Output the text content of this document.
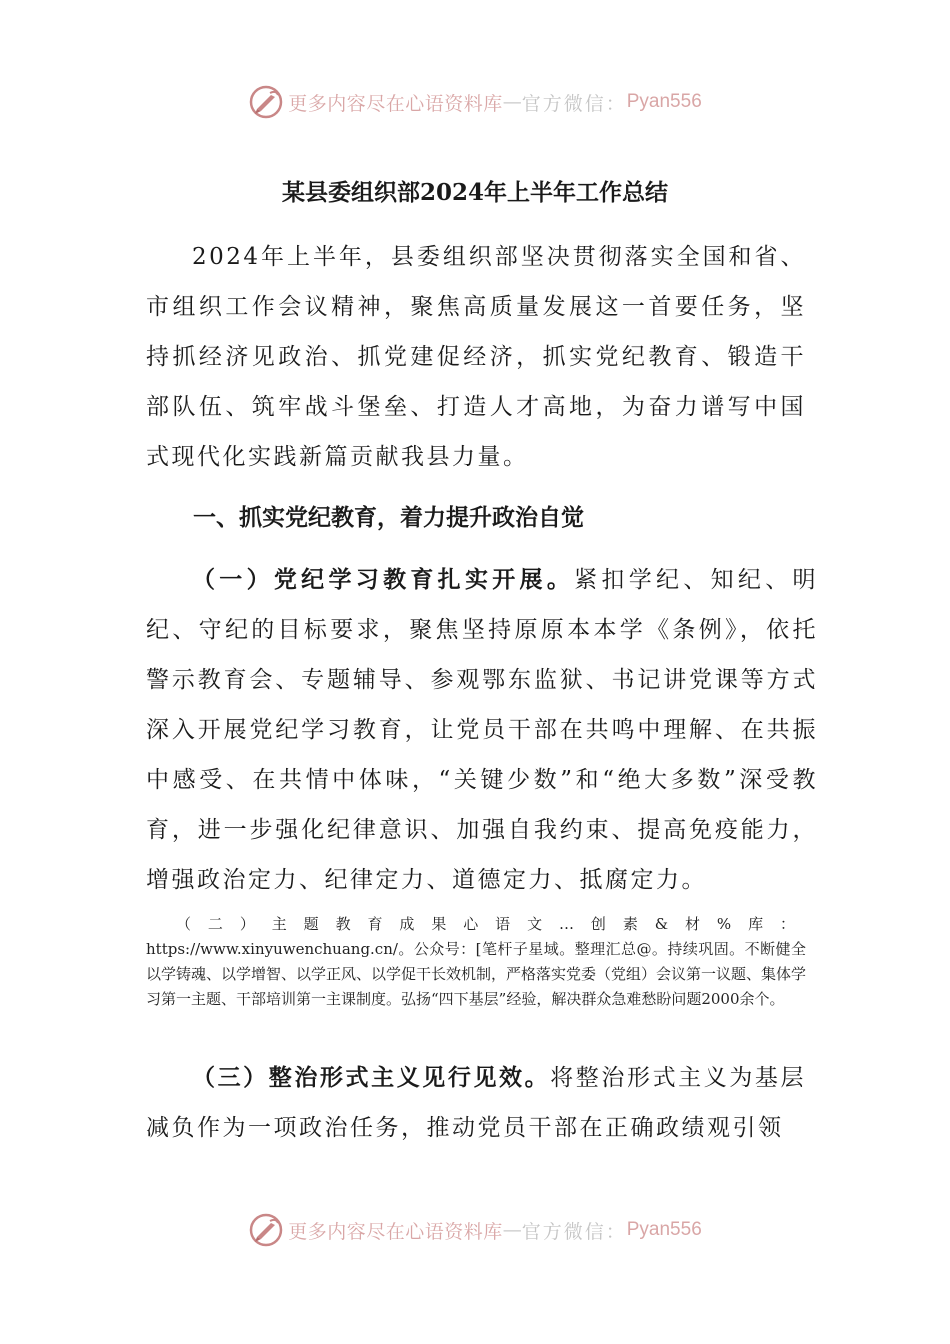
更多内容尽在心语资料库 — 官方微信： Pyan556
某县委组织部2024年上半年工作总结

2024年上半年，县委组织部坚决贯彻落实全国和省、市组织工作会议精神，聚焦高质量发展这一首要任务，坚持抓经济见政治、抓党建促经济，抓实党纪教育、锻造干部队伍、筑牢战斗堡垒、打造人才高地，为奋力谱写中国式现代化实践新篇贡献我县力量。

一、抓实党纪教育，着力提升政治自觉

（一）党纪学习教育扎实开展。紧扣学纪、知纪、明纪、守纪的目标要求，聚焦坚持原原本本学《条例》，依托警示教育会、专题辅导、参观鄂东监狱、书记讲党课等方式深入开展党纪学习教育，让党员干部在共鸣中理解、在共振中感受、在共情中体味，“关键少数”和“绝大多数”深受教育，进一步强化纪律意识、加强自我约束、提高免疫能力，增强政治定力、纪律定力、道德定力、抵腐定力。

（二）主题教育成果心语文…创素&材%库：https://www.xinyuwenchuang.cn/。公众号：[笔杆子星域。整理汇总@。持续巩固。不断健全以学铸魂、以学增智、以学正风、以学促干长效机制，严格落实党委（党组）会议第一议题、集体学习第一主题、干部培训第一主课制度。弘扬“四下基层”经验，解决群众急难愁盼问题2000余个。

（三）整治形式主义见行见效。将整治形式主义为基层减负作为一项政治任务，推动党员干部在正确政绩观引领

更多内容尽在心语资料库 — 官方微信： Pyan556
